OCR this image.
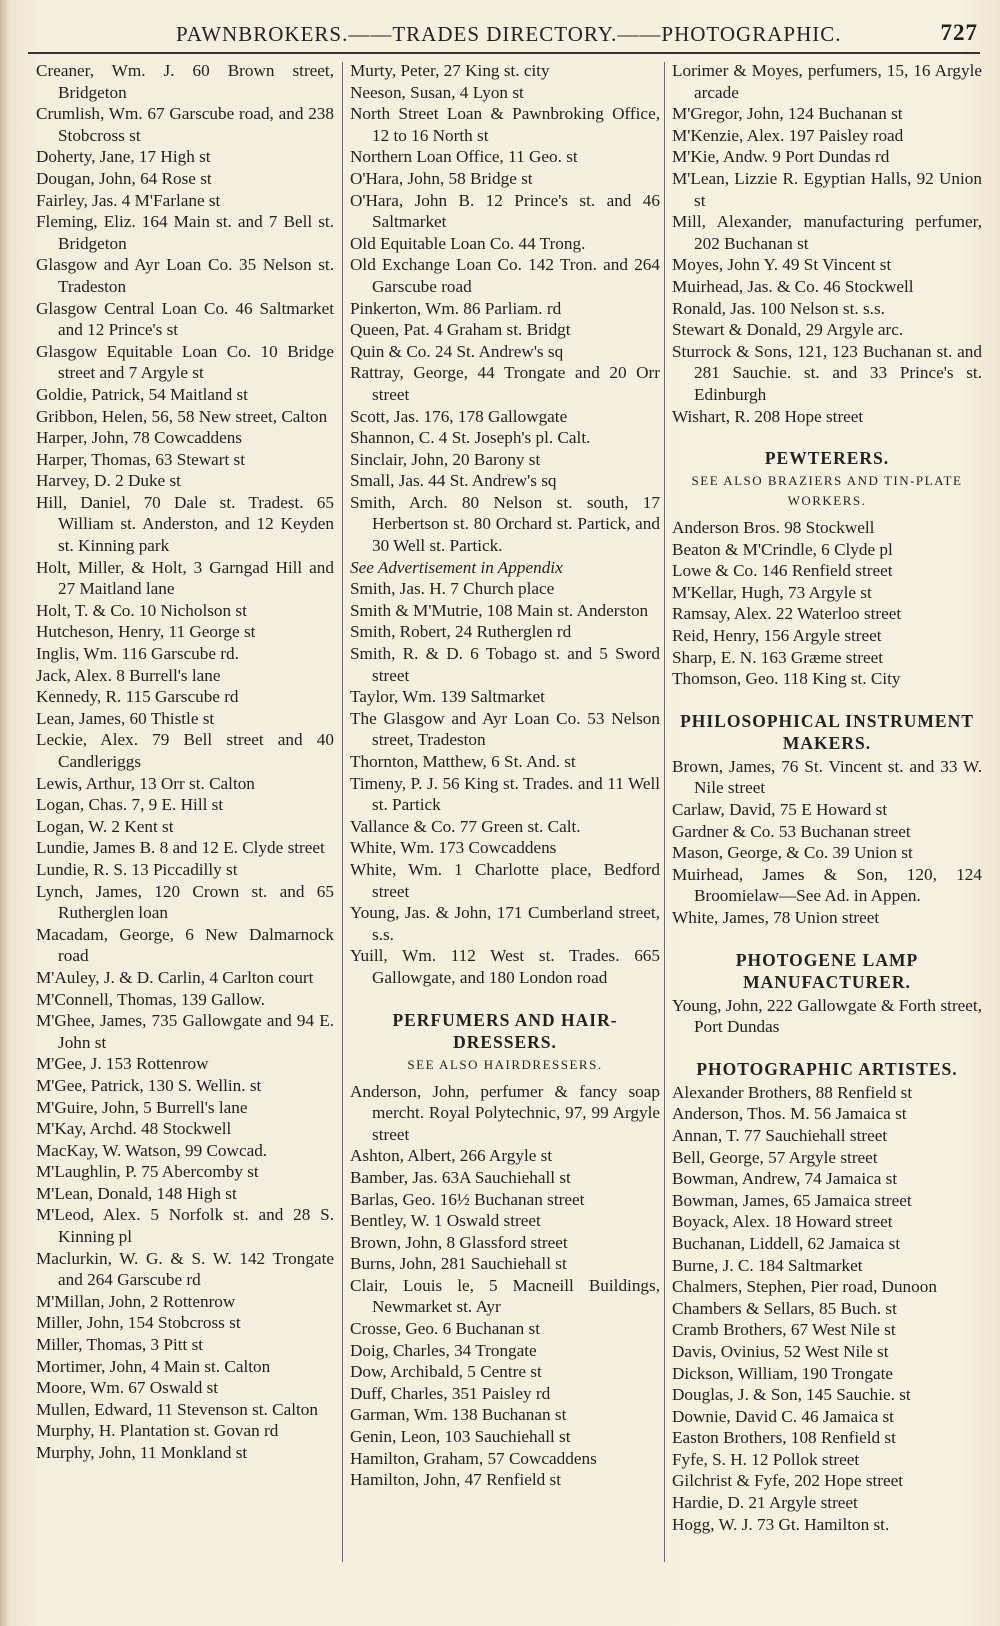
PAWNBROKERS.——TRADES DIRECTORY.——PHOTOGRAPHIC.	727
Creaner, Wm. J. 60 Brown street, Bridgeton
Crumlish, Wm. 67 Garscube road, and 238 Stobcross st
Doherty, Jane, 17 High st
Dougan, John, 64 Rose st
Fairley, Jas. 4 M'Farlane st
Fleming, Eliz. 164 Main st. and 7 Bell st. Bridgeton
Glasgow and Ayr Loan Co. 35 Nelson st. Tradeston
Glasgow Central Loan Co. 46 Saltmarket and 12 Prince's st
Glasgow Equitable Loan Co. 10 Bridge street and 7 Argyle st
Goldie, Patrick, 54 Maitland st
Gribbon, Helen, 56, 58 New street, Calton
Harper, John, 78 Cowcaddens
Harper, Thomas, 63 Stewart st
Harvey, D. 2 Duke st
Hill, Daniel, 70 Dale st. Tradest. 65 William st. Anderston, and 12 Keyden st. Kinning park
Holt, Miller, & Holt, 3 Garngad Hill and 27 Maitland lane
Holt, T. & Co. 10 Nicholson st
Hutcheson, Henry, 11 George st
Inglis, Wm. 116 Garscube rd.
Jack, Alex. 8 Burrell's lane
Kennedy, R. 115 Garscube rd
Lean, James, 60 Thistle st
Leckie, Alex. 79 Bell street and 40 Candleriggs
Lewis, Arthur, 13 Orr st. Calton
Logan, Chas. 7, 9 E. Hill st
Logan, W. 2 Kent st
Lundie, James B. 8 and 12 E. Clyde street
Lundie, R. S. 13 Piccadilly st
Lynch, James, 120 Crown st. and 65 Rutherglen loan
Macadam, George, 6 New Dalmarnock road
M'Auley, J. & D. Carlin, 4 Carlton court
M'Connell, Thomas, 139 Gallow.
M'Ghee, James, 735 Gallowgate and 94 E. John st
M'Gee, J. 153 Rottenrow
M'Gee, Patrick, 130 S. Wellin. st
M'Guire, John, 5 Burrell's lane
M'Kay, Archd. 48 Stockwell
MacKay, W. Watson, 99 Cowcad.
M'Laughlin, P. 75 Abercomby st
M'Lean, Donald, 148 High st
M'Leod, Alex. 5 Norfolk st. and 28 S. Kinning pl
Maclurkin, W. G. & S. W. 142 Trongate and 264 Garscube rd
M'Millan, John, 2 Rottenrow
Miller, John, 154 Stobcross st
Miller, Thomas, 3 Pitt st
Mortimer, John, 4 Main st. Calton
Moore, Wm. 67 Oswald st
Mullen, Edward, 11 Stevenson st. Calton
Murphy, H. Plantation st. Govan rd
Murphy, John, 11 Monkland st
Murty, Peter, 27 King st. city
Neeson, Susan, 4 Lyon st
North Street Loan & Pawnbroking Office, 12 to 16 North st
Northern Loan Office, 11 Geo. st
O'Hara, John, 58 Bridge st
O'Hara, John B. 12 Prince's st. and 46 Saltmarket
Old Equitable Loan Co. 44 Trong.
Old Exchange Loan Co. 142 Tron. and 264 Garscube road
Pinkerton, Wm. 86 Parliam. rd
Queen, Pat. 4 Graham st. Bridgt
Quin & Co. 24 St. Andrew's sq
Rattray, George, 44 Trongate and 20 Orr street
Scott, Jas. 176, 178 Gallowgate
Shannon, C. 4 St. Joseph's pl. Calt.
Sinclair, John, 20 Barony st
Small, Jas. 44 St. Andrew's sq
Smith, Arch. 80 Nelson st. south, 17 Herbertson st. 80 Orchard st. Partick, and 30 Well st. Partick.
See Advertisement in Appendix
Smith, Jas. H. 7 Church place
Smith & M'Mutrie, 108 Main st. Anderston
Smith, Robert, 24 Rutherglen rd
Smith, R. & D. 6 Tobago st. and 5 Sword street
Taylor, Wm. 139 Saltmarket
The Glasgow and Ayr Loan Co. 53 Nelson street, Tradeston
Thornton, Matthew, 6 St. And. st
Timeny, P. J. 56 King st. Trades. and 11 Well st. Partick
Vallance & Co. 77 Green st. Calt.
White, Wm. 173 Cowcaddens
White, Wm. 1 Charlotte place, Bedford street
Young, Jas. & John, 171 Cumberland street, s.s.
Yuill, Wm. 112 West st. Trades. 665 Gallowgate, and 180 London road
PERFUMERS AND HAIR-DRESSERS.
SEE ALSO HAIRDRESSERS.
Anderson, John, perfumer & fancy soap mercht. Royal Polytechnic, 97, 99 Argyle street
Ashton, Albert, 266 Argyle st
Bamber, Jas. 63A Sauchiehall st
Barlas, Geo. 16½ Buchanan street
Bentley, W. 1 Oswald street
Brown, John, 8 Glassford street
Burns, John, 281 Sauchiehall st
Clair, Louis le, 5 Macneill Buildings, Newmarket st. Ayr
Crosse, Geo. 6 Buchanan st
Doig, Charles, 34 Trongate
Dow, Archibald, 5 Centre st
Duff, Charles, 351 Paisley rd
Garman, Wm. 138 Buchanan st
Genin, Leon, 103 Sauchiehall st
Hamilton, Graham, 57 Cowcaddens
Hamilton, John, 47 Renfield st
Lorimer & Moyes, perfumers, 15, 16 Argyle arcade
M'Gregor, John, 124 Buchanan st
M'Kenzie, Alex. 197 Paisley road
M'Kie, Andw. 9 Port Dundas rd
M'Lean, Lizzie R. Egyptian Halls, 92 Union st
Mill, Alexander, manufacturing perfumer, 202 Buchanan st
Moyes, John Y. 49 St Vincent st
Muirhead, Jas. & Co. 46 Stockwell
Ronald, Jas. 100 Nelson st. s.s.
Stewart & Donald, 29 Argyle arc.
Sturrock & Sons, 121, 123 Buchanan st. and 281 Sauchie. st. and 33 Prince's st. Edinburgh
Wishart, R. 208 Hope street
PEWTERERS.
SEE ALSO BRAZIERS AND TIN-PLATE WORKERS.
Anderson Bros. 98 Stockwell
Beaton & M'Crindle, 6 Clyde pl
Lowe & Co. 146 Renfield street
M'Kellar, Hugh, 73 Argyle st
Ramsay, Alex. 22 Waterloo street
Reid, Henry, 156 Argyle street
Sharp, E. N. 163 Græme street
Thomson, Geo. 118 King st. City
PHILOSOPHICAL INSTRUMENT MAKERS.
Brown, James, 76 St. Vincent st. and 33 W. Nile street
Carlaw, David, 75 E Howard st
Gardner & Co. 53 Buchanan street
Mason, George, & Co. 39 Union st
Muirhead, James & Son, 120, 124 Broomielaw—See Ad. in Appen.
White, James, 78 Union street
PHOTOGENE LAMP MANUFACTURER.
Young, John, 222 Gallowgate & Forth street, Port Dundas
PHOTOGRAPHIC ARTISTES.
Alexander Brothers, 88 Renfield st
Anderson, Thos. M. 56 Jamaica st
Annan, T. 77 Sauchiehall street
Bell, George, 57 Argyle street
Bowman, Andrew, 74 Jamaica st
Bowman, James, 65 Jamaica street
Boyack, Alex. 18 Howard street
Buchanan, Liddell, 62 Jamaica st
Burne, J. C. 184 Saltmarket
Chalmers, Stephen, Pier road, Dunoon
Chambers & Sellars, 85 Buch. st
Cramb Brothers, 67 West Nile st
Davis, Ovinius, 52 West Nile st
Dickson, William, 190 Trongate
Douglas, J. & Son, 145 Sauchie. st
Downie, David C. 46 Jamaica st
Easton Brothers, 108 Renfield st
Fyfe, S. H. 12 Pollok street
Gilchrist & Fyfe, 202 Hope street
Hardie, D. 21 Argyle street
Hogg, W. J. 73 Gt. Hamilton st.
